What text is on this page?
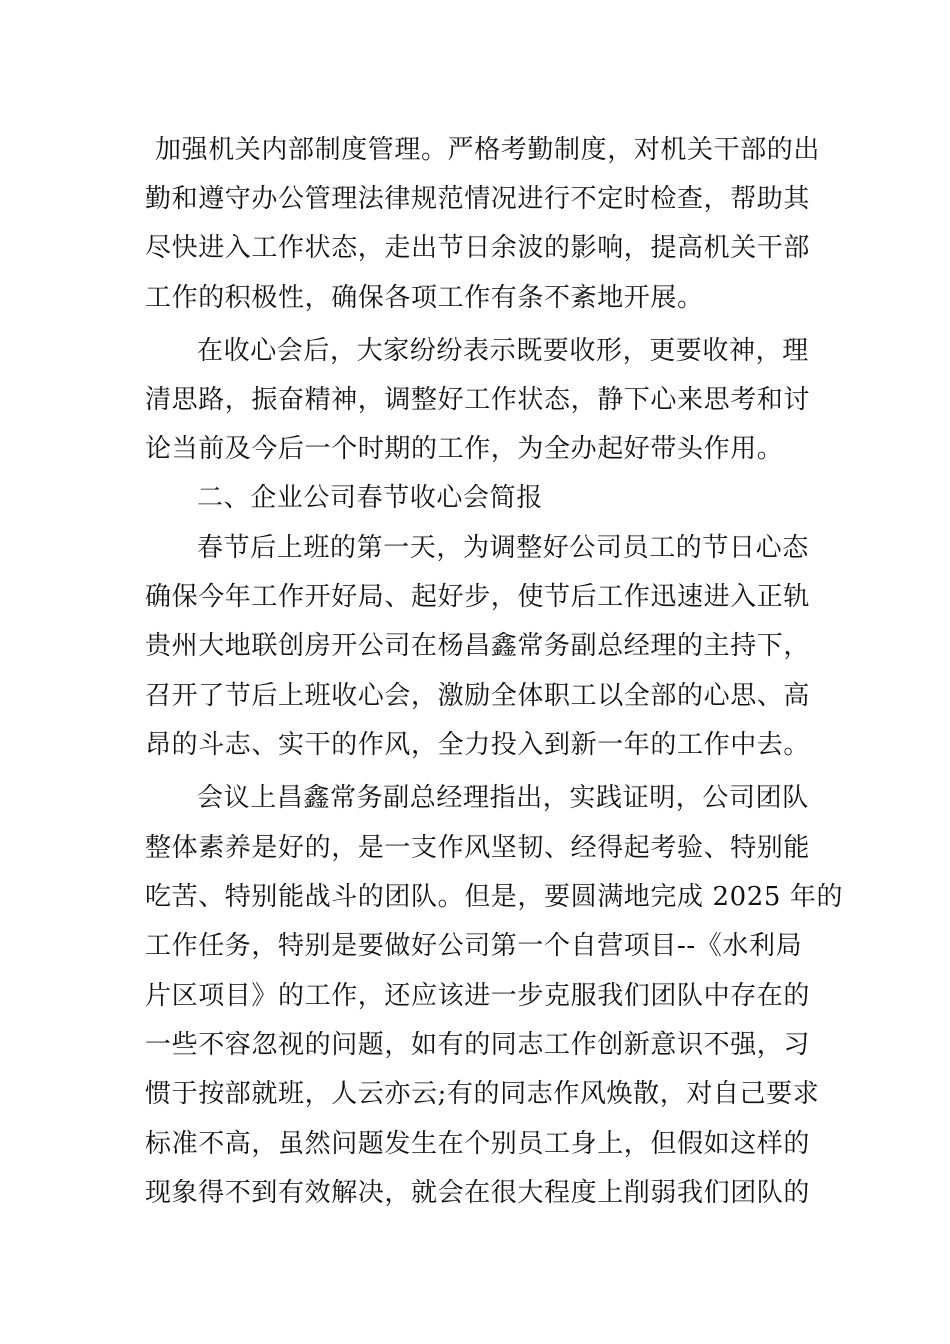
加强机关内部制度管理。严格考勤制度，对机关干部的出

勤和遵守办公管理法律规范情况进行不定时检查，帮助其

尽快进入工作状态，走出节日余波的影响，提高机关干部

工作的积极性，确保各项工作有条不紊地开展。

在收心会后，大家纷纷表示既要收形，更要收神，理

清思路，振奋精神，调整好工作状态，静下心来思考和讨

论当前及今后一个时期的工作，为全办起好带头作用。

二、企业公司春节收心会简报

春节后上班的第一天，为调整好公司员工的节日心态

确保今年工作开好局、起好步，使节后工作迅速进入正轨

贵州大地联创房开公司在杨昌鑫常务副总经理的主持下，

召开了节后上班收心会，激励全体职工以全部的心思、高

昂的斗志、实干的作风，全力投入到新一年的工作中去。

会议上昌鑫常务副总经理指出，实践证明，公司团队

整体素养是好的，是一支作风坚韧、经得起考验、特别能

吃苦、特别能战斗的团队。但是，要圆满地完成 2025 年的

工作任务，特别是要做好公司第一个自营项目--《水利局

片区项目》的工作，还应该进一步克服我们团队中存在的

一些不容忽视的问题，如有的同志工作创新意识不强，习

惯于按部就班，人云亦云;有的同志作风焕散，对自己要求

标准不高，虽然问题发生在个别员工身上，但假如这样的

现象得不到有效解决，就会在很大程度上削弱我们团队的
